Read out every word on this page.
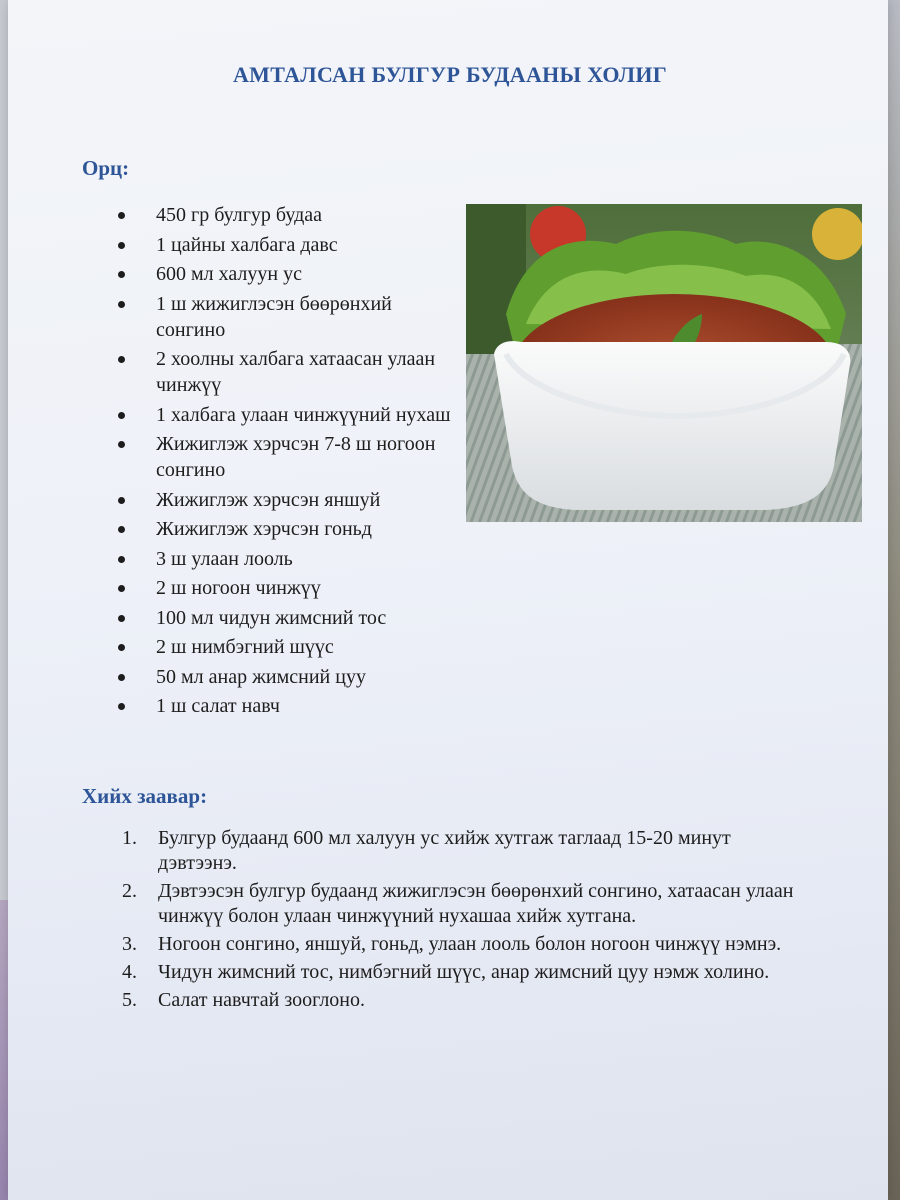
АМТАЛСАН БУЛГУР БУДААНЫ ХОЛИГ
Орц:
450 гр булгур будаа
1 цайны халбага давс
600 мл халуун ус
1 ш жижиглэсэн бөөрөнхий сонгино
2 хоолны халбага хатаасан улаан чинжүү
1 халбага улаан чинжүүний нухаш
Жижиглэж хэрчсэн 7-8 ш ногоон сонгино
Жижиглэж хэрчсэн яншуй
Жижиглэж хэрчсэн гоньд
3 ш улаан лооль
2 ш ногоон чинжүү
100 мл чидун жимсний тос
2 ш нимбэгний шүүс
50 мл анар жимсний цуу
1 ш салат навч
Хийх заавар:
1. Булгур будаанд 600 мл халуун ус хийж хутгаж таглаад 15-20 минут дэвтээнэ.
2. Дэвтээсэн булгур будаанд жижиглэсэн бөөрөнхий сонгино, хатаасан улаан чинжүү болон улаан чинжүүний нухашаа хийж хутгана.
3. Ногоон сонгино, яншуй, гоньд, улаан лооль болон ногоон чинжүү нэмнэ.
4. Чидун жимсний тос, нимбэгний шүүс, анар жимсний цуу нэмж холино.
5. Салат навчтай зооглоно.
